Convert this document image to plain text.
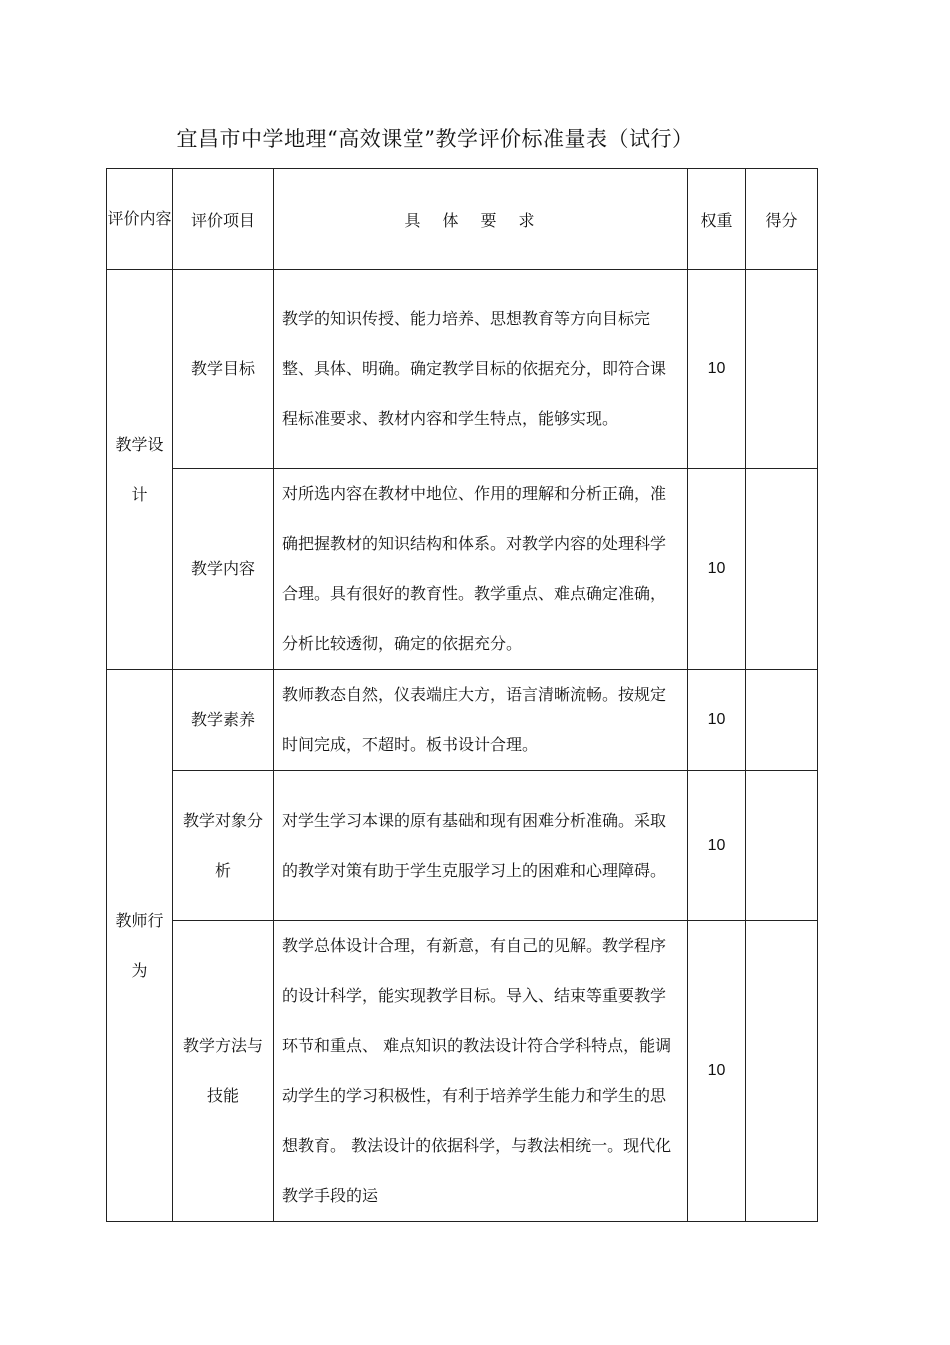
宜昌市中学地理“高效课堂”教学评价标准量表（试行）
评价内容	评价项目	具体要求	权重	得分
教学设计	教学目标	教学的知识传授、能力培养、思想教育等方向目标完整、具体、明确。确定教学目标的依据充分，即符合课程标准要求、教材内容和学生特点，能够实现。	10	
	教学内容	对所选内容在教材中地位、作用的理解和分析正确，准确把握教材的知识结构和体系。对教学内容的处理科学合理。具有很好的教育性。教学重点、难点确定准确，分析比较透彻，确定的依据充分。	10	
教师行为	教学素养	教师教态自然，仪表端庄大方，语言清晰流畅。按规定时间完成，不超时。板书设计合理。	10	
	教学对象分析	对学生学习本课的原有基础和现有困难分析准确。采取的教学对策有助于学生克服学习上的困难和心理障碍。	10	
	教学方法与技能	教学总体设计合理，有新意，有自己的见解。教学程序的设计科学，能实现教学目标。导入、结束等重要教学环节和重点、 难点知识的教法设计符合学科特点，能调动学生的学习积极性，有利于培养学生能力和学生的思想教育。 教法设计的依据科学，与教法相统一。现代化教学手段的运	10	
